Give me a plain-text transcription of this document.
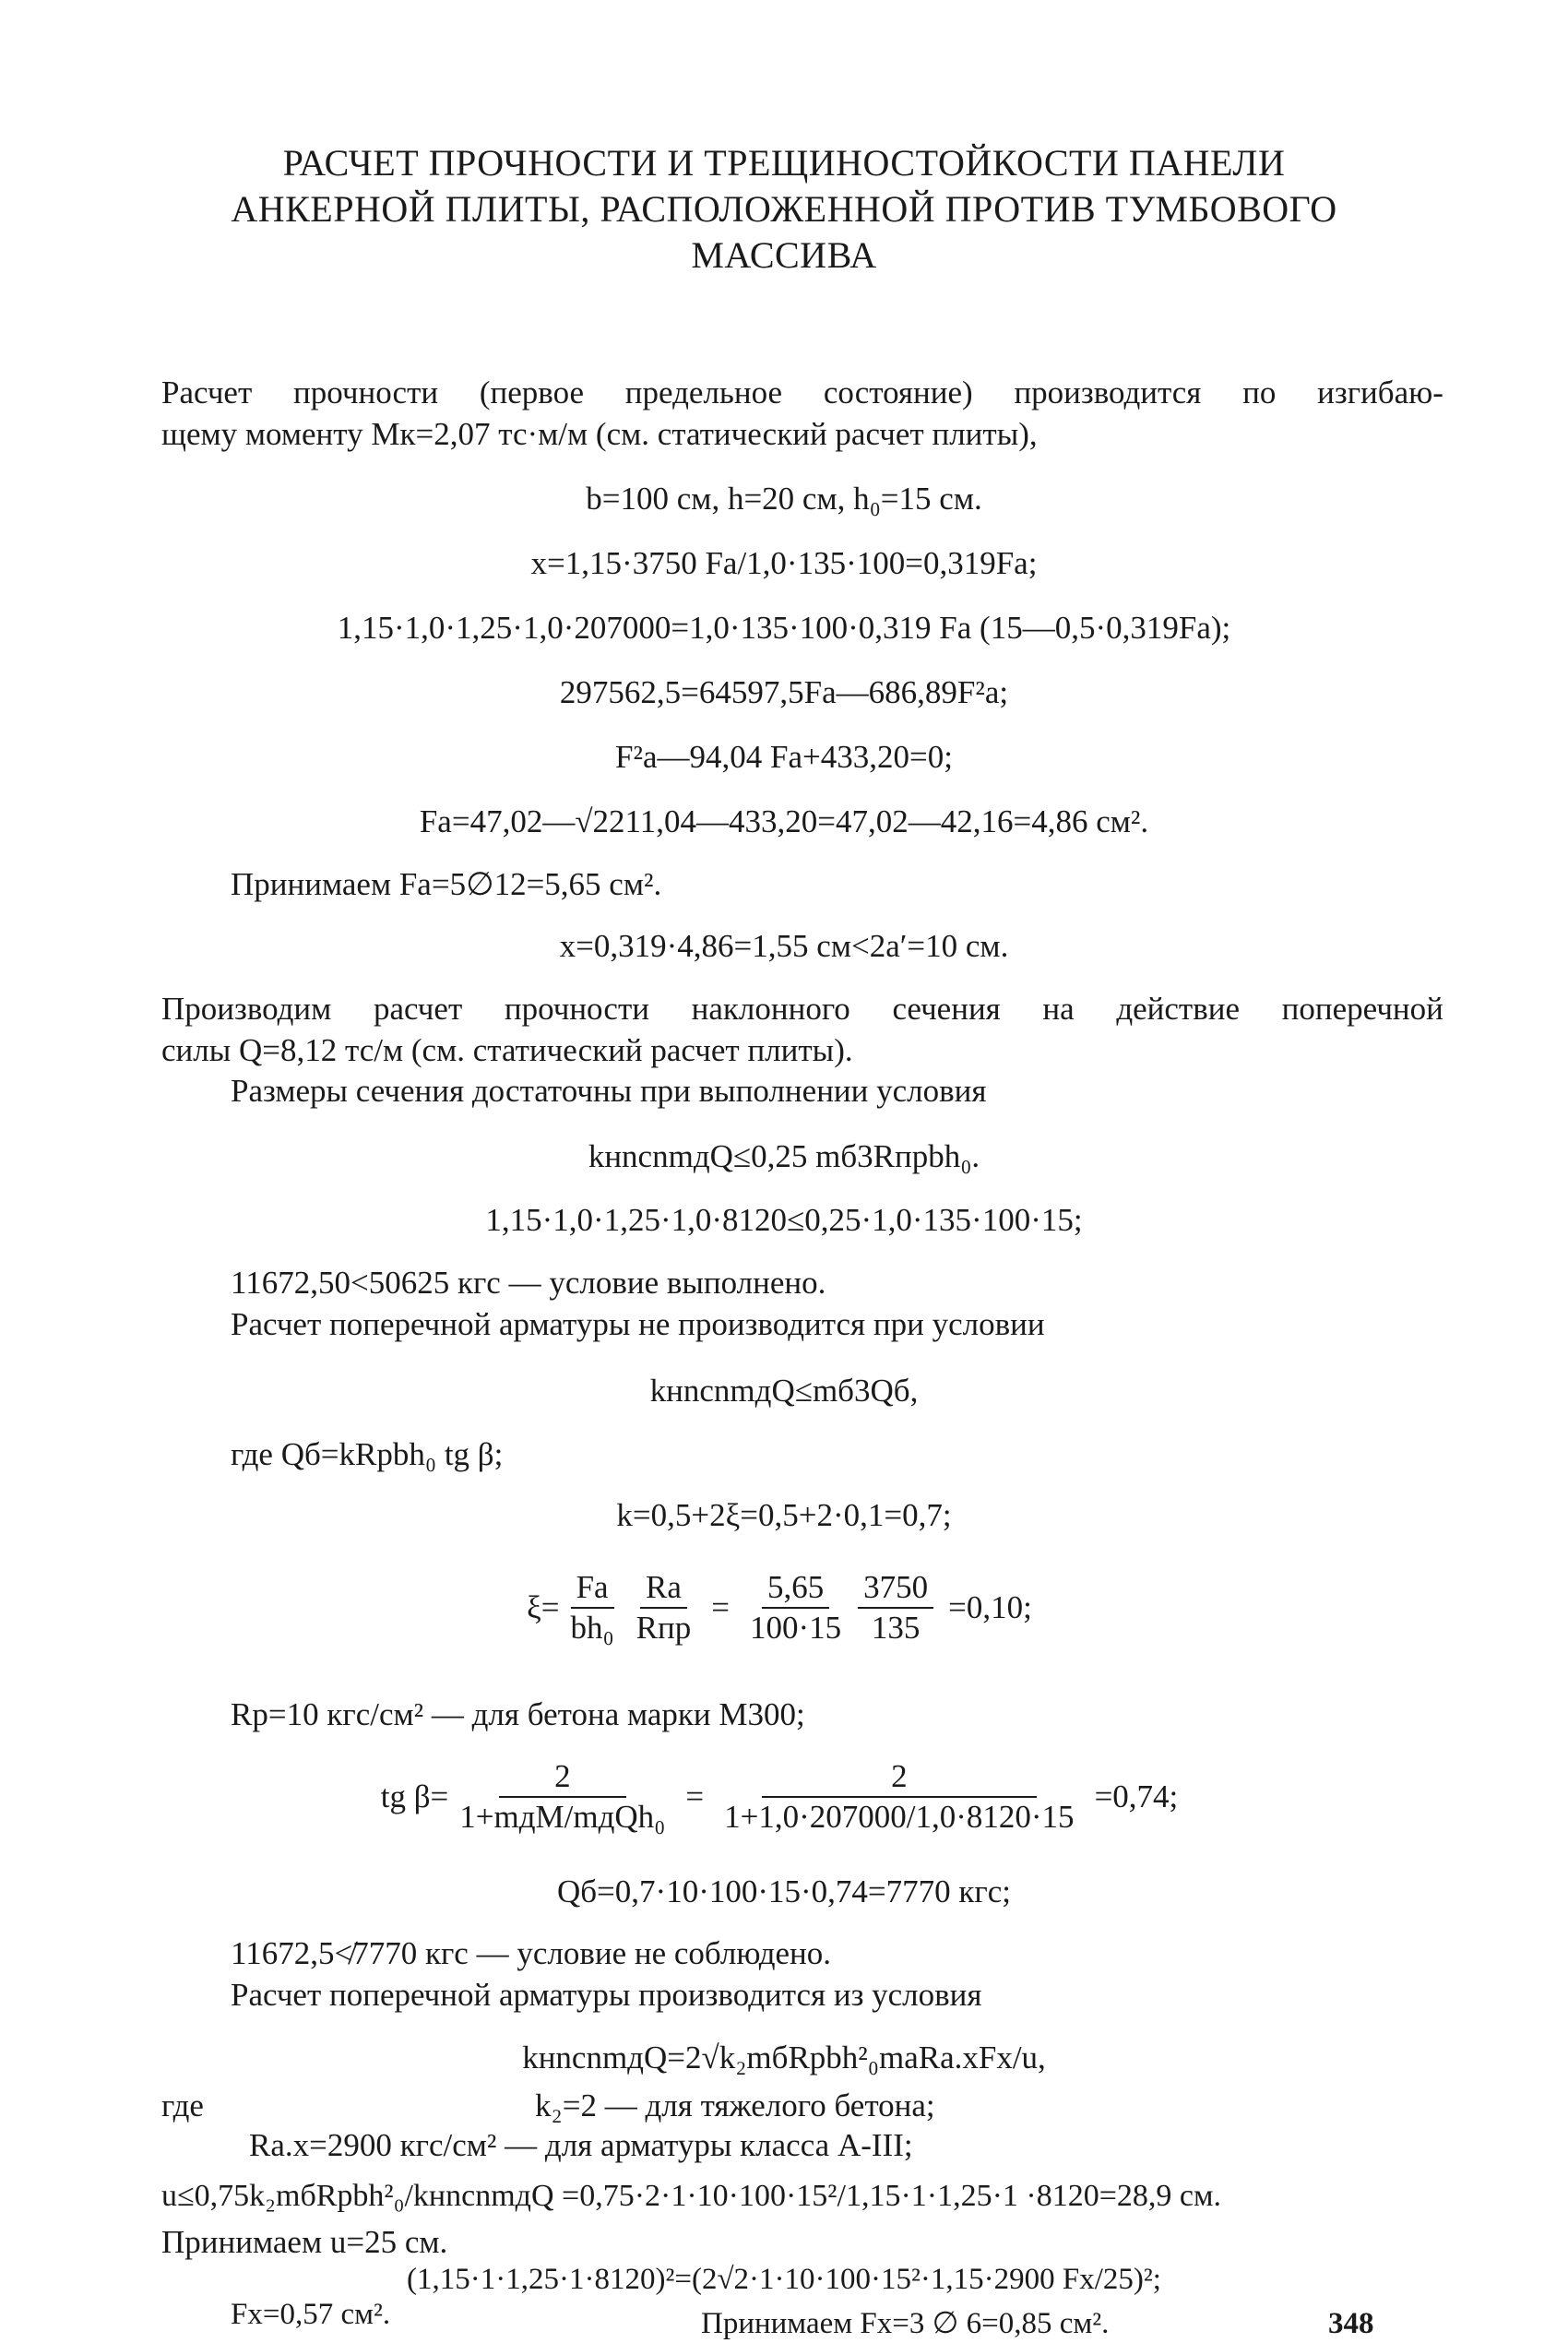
РАСЧЕТ ПРОЧНОСТИ И ТРЕЩИНОСТОЙКОСТИ ПАНЕЛИ
АНКЕРНОЙ ПЛИТЫ, РАСПОЛОЖЕННОЙ ПРОТИВ ТУМБОВОГО
МАССИВА
Расчет прочности (первое предельное состояние) производится по изгибаю-
щему моменту Mк=2,07 тс·м/м (см. статический расчет плиты),
b=100 см, h=20 см, h₀=15 см.
x=1,15·3750 Fа/1,0·135·100=0,319Fа;
1,15·1,0·1,25·1,0·207000=1,0·135·100·0,319 Fа (15—0,5·0,319Fа);
297562,5=64597,5Fа—686,89F²а;
F²а—94,04 Fа+433,20=0;
Fа=47,02—√2211,04—433,20=47,02—42,16=4,86 см².
Принимаем Fа=5∅12=5,65 см².
x=0,319·4,86=1,55 см<2a′=10 см.
Производим расчет прочности наклонного сечения на действие поперечной
силы Q=8,12 тс/м (см. статический расчет плиты).
Размеры сечения достаточны при выполнении условия
kнnсnmдQ≤0,25 mб3Rпрbh₀.
1,15·1,0·1,25·1,0·8120≤0,25·1,0·135·100·15;
11672,50<50625 кгс — условие выполнено.
Расчет поперечной арматуры не производится при условии
kнnсnmдQ≤mб3Qб,
где Qб=kRрbh₀ tg β;
k=0,5+2ξ=0,5+2·0,1=0,7;
$\xi= \frac{Fа}{\text{bh₀}} \frac{Rа}{\text{Rпр}} = \frac{5,65}{100\cdot 15} \frac{3750}{135} =0,10$;
Rр=10 кгс/см² — для бетона марки М300;
tg $\beta= \frac{2}{\text{1+mдM/mдQh₀}} = \frac{2}{1+1,0\cdot 207000/1,0\cdot 8120\cdot 15} =0,74$;
Qб=0,7·10·100·15·0,74=7770 кгс;
11672,5≮7770 кгс — условие не соблюдено.
Расчет поперечной арматуры производится из условия
kнnсnmдQ=2√k₂mбRрbh²₀mаRа.хFх/u,
где	k₂=2 — для тяжелого бетона;
Rа.х=2900 кгс/см² — для арматуры класса А-III;
u≤0,75k₂mбRрbh²₀/kнnсnmдQ =0,75·2·1·10·100·15²/1,15·1·1,25·1 ·8120=28,9 см.
Принимаем u=25 см.
(1,15·1·1,25·1·8120)²=(2√2·1·10·100·15²·1,15·2900 Fх/25)²;
Fх=0,57 см².	Принимаем Fх=3 ∅ 6=0,85 см².	348
